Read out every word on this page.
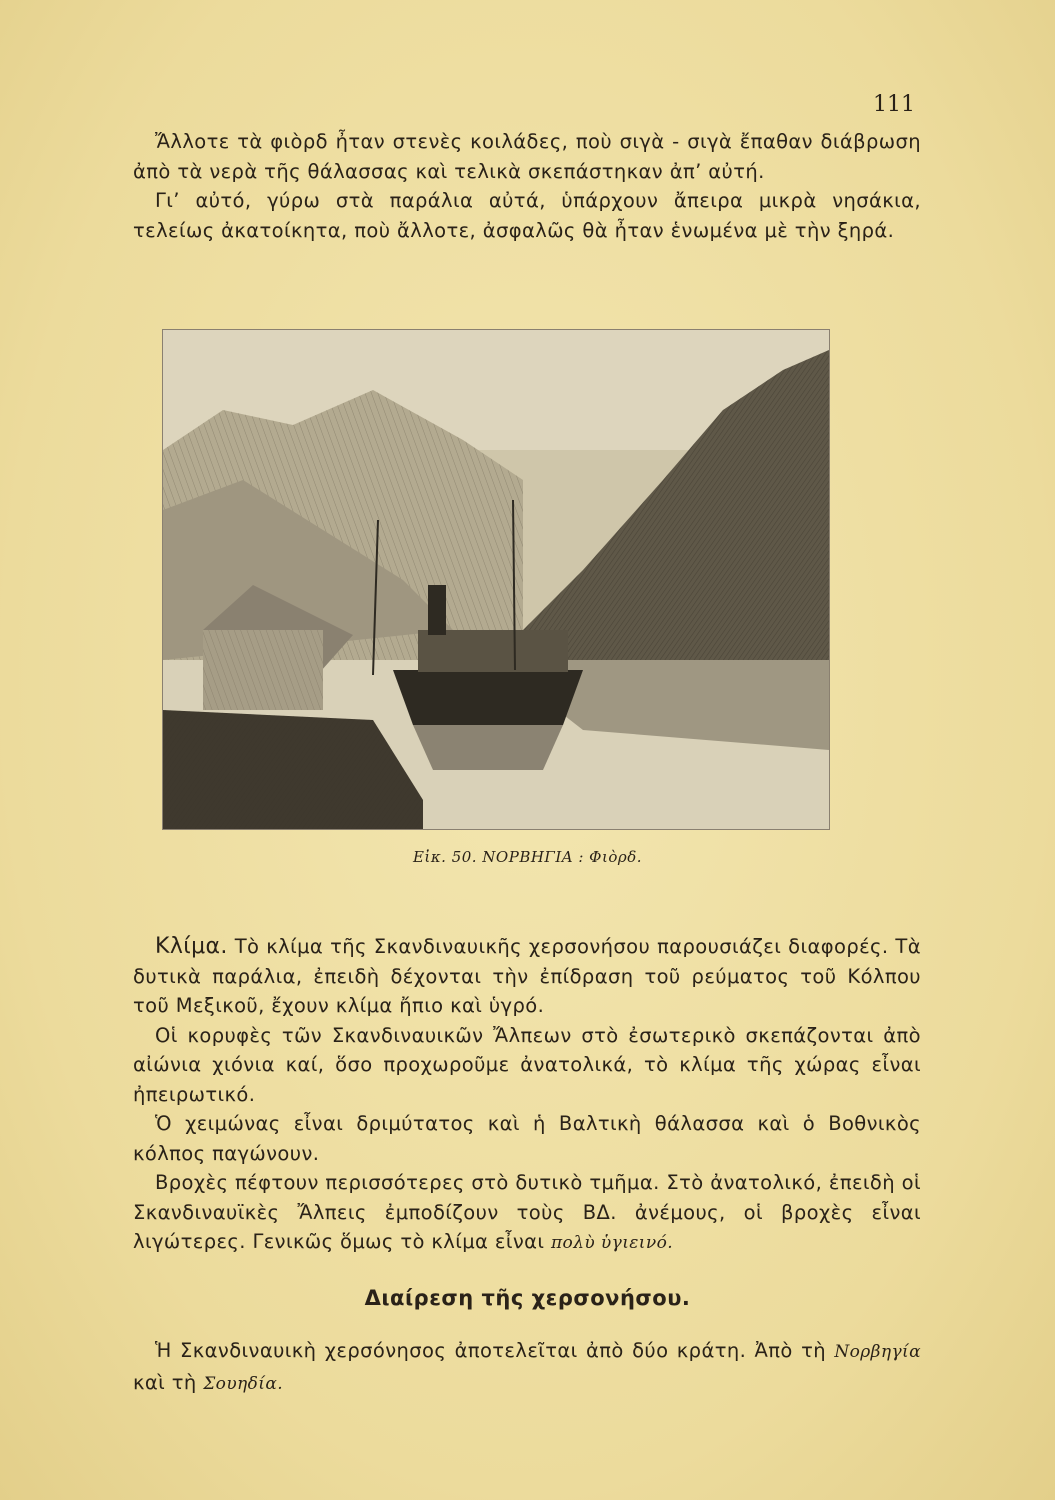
111

Ἄλλοτε τὰ φιὸρδ ἦταν στενὲς κοιλάδες, ποὺ σιγὰ - σιγὰ ἔπαθαν διάβρωση ἀπὸ τὰ νερὰ τῆς θάλασσας καὶ τελικὰ σκεπάστηκαν ἀπ’ αὐτή.

Γι’ αὐτό, γύρω στὰ παράλια αὐτά, ὑπάρχουν ἄπειρα μικρὰ νησάκια, τελείως ἀκατοίκητα, ποὺ ἄλλοτε, ἀσφαλῶς θὰ ἦταν ἑνωμένα μὲ τὴν ξηρά.

Εἰκ. 50. ΝΟΡΒΗΓΙΑ : Φιὸρδ.

Κλίμα. Τὸ κλίμα τῆς Σκανδιναυικῆς χερσονήσου παρουσιάζει διαφορές. Τὰ δυτικὰ παράλια, ἐπειδὴ δέχονται τὴν ἐπίδραση τοῦ ρεύματος τοῦ Κόλπου τοῦ Μεξικοῦ, ἔχουν κλίμα ἤπιο καὶ ὑγρό.

Οἱ κορυφὲς τῶν Σκανδιναυικῶν Ἄλπεων στὸ ἐσωτερικὸ σκεπάζονται ἀπὸ αἰώνια χιόνια καί, ὅσο προχωροῦμε ἀνατολικά, τὸ κλίμα τῆς χώρας εἶναι ἠπειρωτικό.

Ὁ χειμώνας εἶναι δριμύτατος καὶ ἡ Βαλτικὴ θάλασσα καὶ ὁ Βοθνικὸς κόλπος παγώνουν.

Βροχὲς πέφτουν περισσότερες στὸ δυτικὸ τμῆμα. Στὸ ἀνατολικό, ἐπειδὴ οἱ Σκανδιναυϊκὲς Ἄλπεις ἐμποδίζουν τοὺς ΒΔ. ἀνέμους, οἱ βροχὲς εἶναι λιγώτερες. Γενικῶς ὅμως τὸ κλίμα εἶναι πολὺ ὑγιεινό.

Διαίρεση τῆς χερσονήσου.

Ἡ Σκανδιναυικὴ χερσόνησος ἀποτελεῖται ἀπὸ δύο κράτη. Ἀπὸ τὴ Νορβηγία καὶ τὴ Σουηδία.
